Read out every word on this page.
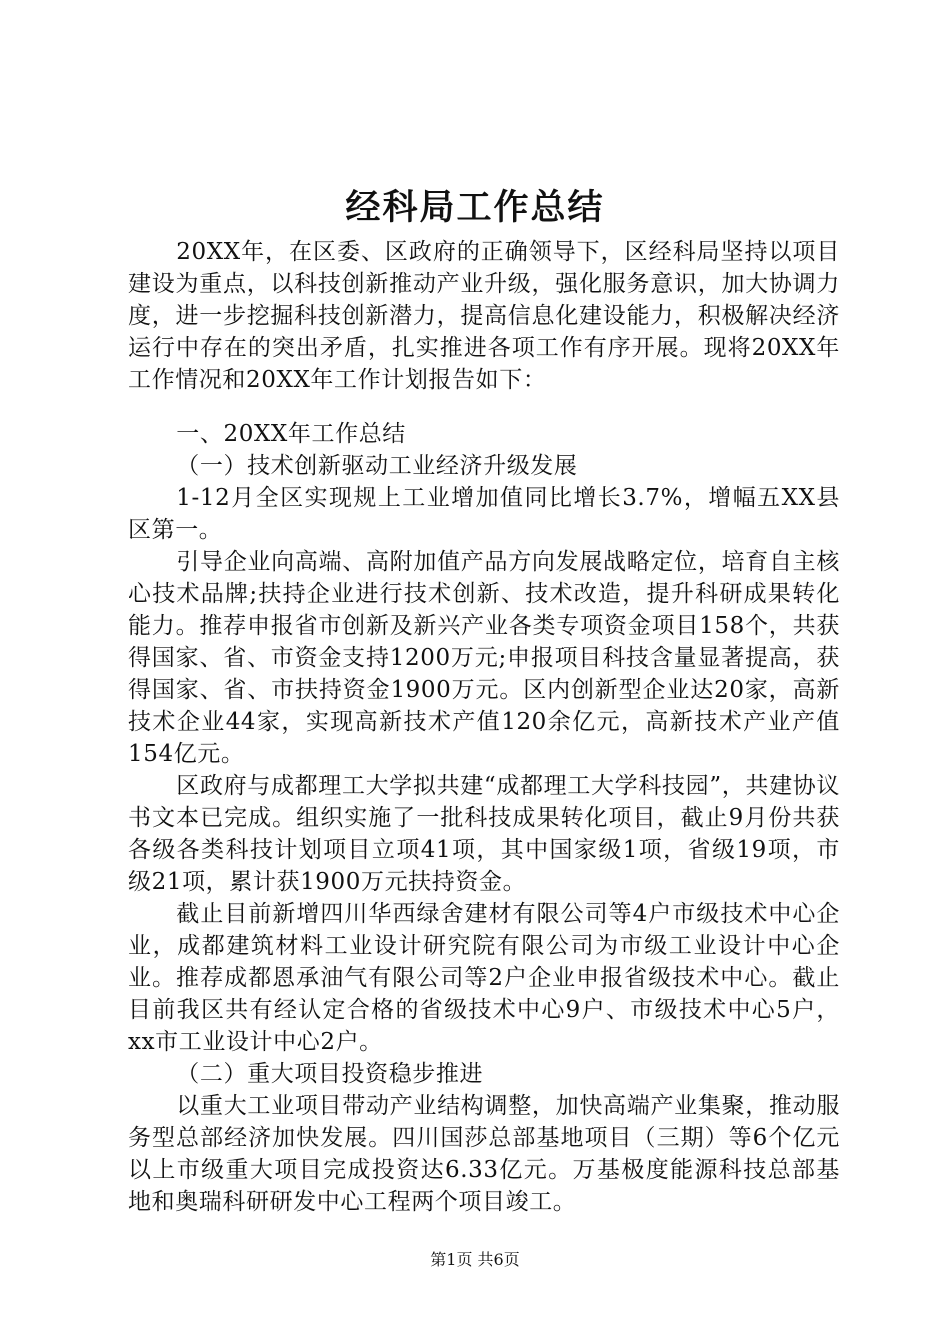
经科局工作总结

20XX年，在区委、区政府的正确领导下，区经科局坚持以项目建设为重点，以科技创新推动产业升级，强化服务意识，加大协调力度，进一步挖掘科技创新潜力，提高信息化建设能力，积极解决经济运行中存在的突出矛盾，扎实推进各项工作有序开展。现将20XX年工作情况和20XX年工作计划报告如下：

一、20XX年工作总结

（一）技术创新驱动工业经济升级发展

1-12月全区实现规上工业增加值同比增长3.7%，增幅五XX县区第一。

引导企业向高端、高附加值产品方向发展战略定位，培育自主核心技术品牌;扶持企业进行技术创新、技术改造，提升科研成果转化能力。推荐申报省市创新及新兴产业各类专项资金项目158个，共获得国家、省、市资金支持1200万元;申报项目科技含量显著提高，获得国家、省、市扶持资金1900万元。区内创新型企业达20家，高新技术企业44家，实现高新技术产值120余亿元，高新技术产业产值154亿元。

区政府与成都理工大学拟共建“成都理工大学科技园”，共建协议书文本已完成。组织实施了一批科技成果转化项目，截止9月份共获各级各类科技计划项目立项41项，其中国家级1项，省级19项，市级21项，累计获1900万元扶持资金。

截止目前新增四川华西绿舍建材有限公司等4户市级技术中心企业，成都建筑材料工业设计研究院有限公司为市级工业设计中心企业。推荐成都恩承油气有限公司等2户企业申报省级技术中心。截止目前我区共有经认定合格的省级技术中心9户、市级技术中心5户，xx市工业设计中心2户。

（二）重大项目投资稳步推进

以重大工业项目带动产业结构调整，加快高端产业集聚，推动服务型总部经济加快发展。四川国莎总部基地项目（三期）等6个亿元以上市级重大项目完成投资达6.33亿元。万基极度能源科技总部基地和奥瑞科研研发中心工程两个项目竣工。

第1页 共6页
